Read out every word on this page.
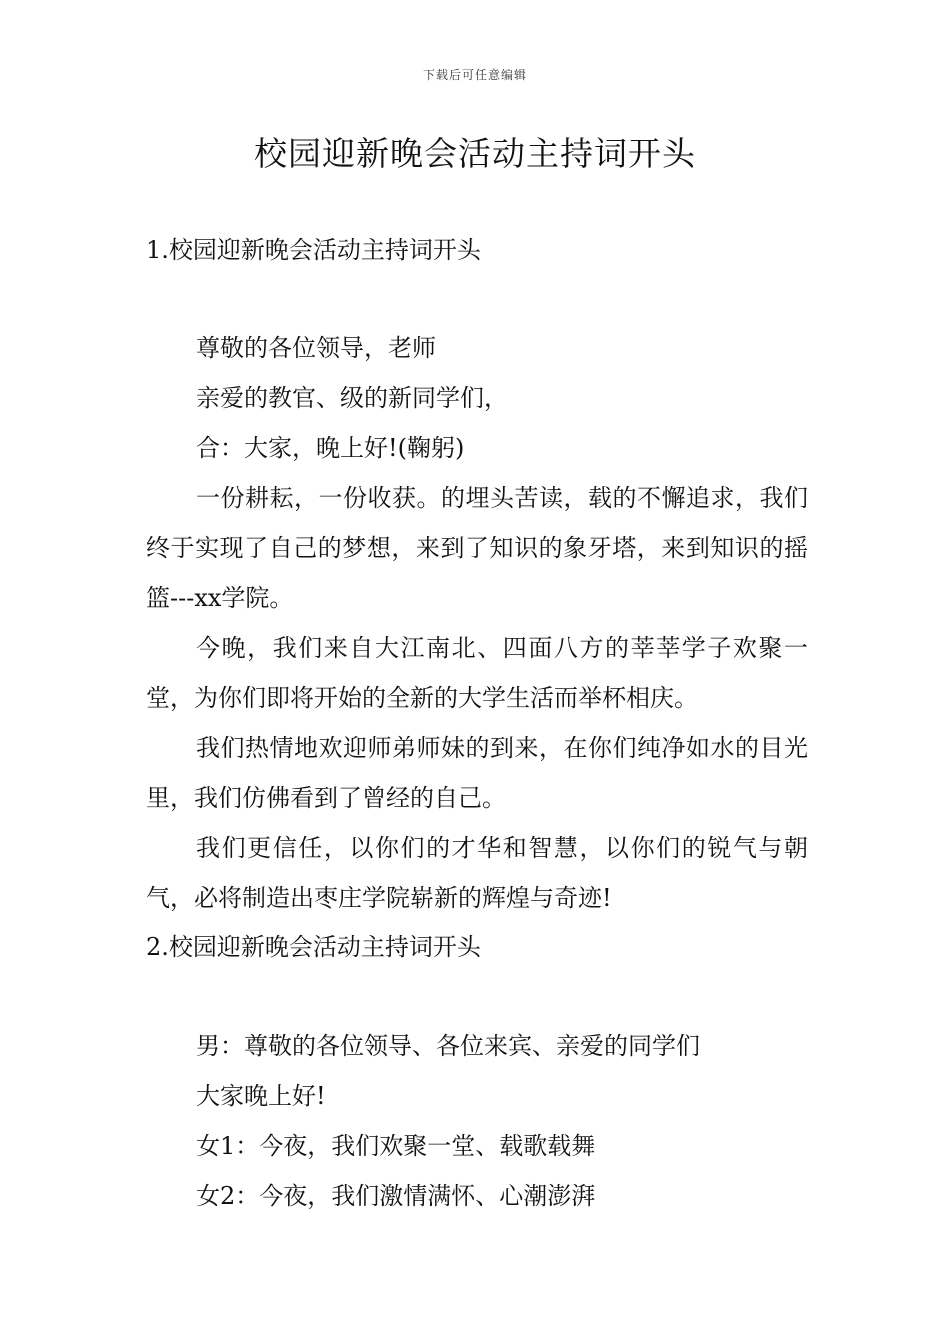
下载后可任意编辑
校园迎新晚会活动主持词开头
1.校园迎新晚会活动主持词开头
尊敬的各位领导，老师
亲爱的教官、级的新同学们，
合：大家，晚上好!(鞠躬)

一份耕耘，一份收获。的埋头苦读，载的不懈追求，我们终于实现了自己的梦想，来到了知识的象牙塔，来到知识的摇篮---xx学院。

今晚，我们来自大江南北、四面八方的莘莘学子欢聚一堂，为你们即将开始的全新的大学生活而举杯相庆。

我们热情地欢迎师弟师妹的到来，在你们纯净如水的目光里，我们仿佛看到了曾经的自己。

我们更信任，以你们的才华和智慧，以你们的锐气与朝气，必将制造出枣庄学院崭新的辉煌与奇迹!

2.校园迎新晚会活动主持词开头
男：尊敬的各位领导、各位来宾、亲爱的同学们
大家晚上好!
女1：今夜，我们欢聚一堂、载歌载舞
女2：今夜，我们激情满怀、心潮澎湃
